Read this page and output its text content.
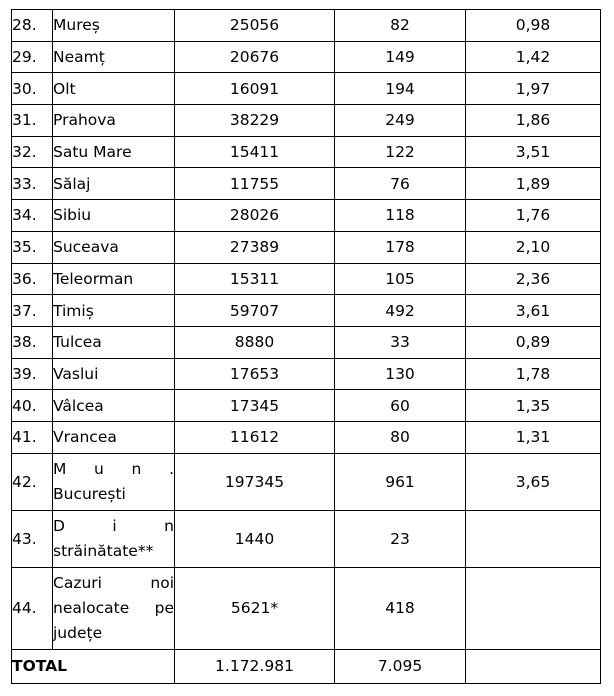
28.	Mureș	25056	82	0,98
29.	Neamț	20676	149	1,42
30.	Olt	16091	194	1,97
31.	Prahova	38229	249	1,86
32.	Satu Mare	15411	122	3,51
33.	Sălaj	11755	76	1,89
34.	Sibiu	28026	118	1,76
35.	Suceava	27389	178	2,10
36.	Teleorman	15311	105	2,36
37.	Timiș	59707	492	3,61
38.	Tulcea	8880	33	0,89
39.	Vaslui	17653	130	1,78
40.	Vâlcea	17345	60	1,35
41.	Vrancea	11612	80	1,31
42.	M u n .
București	197345	961	3,65
43.	D i n
străinătate**	1440	23	
44.	Cazuri noi
nealocate pe
județe	5621*	418	
TOTAL		1.172.981	7.095	
